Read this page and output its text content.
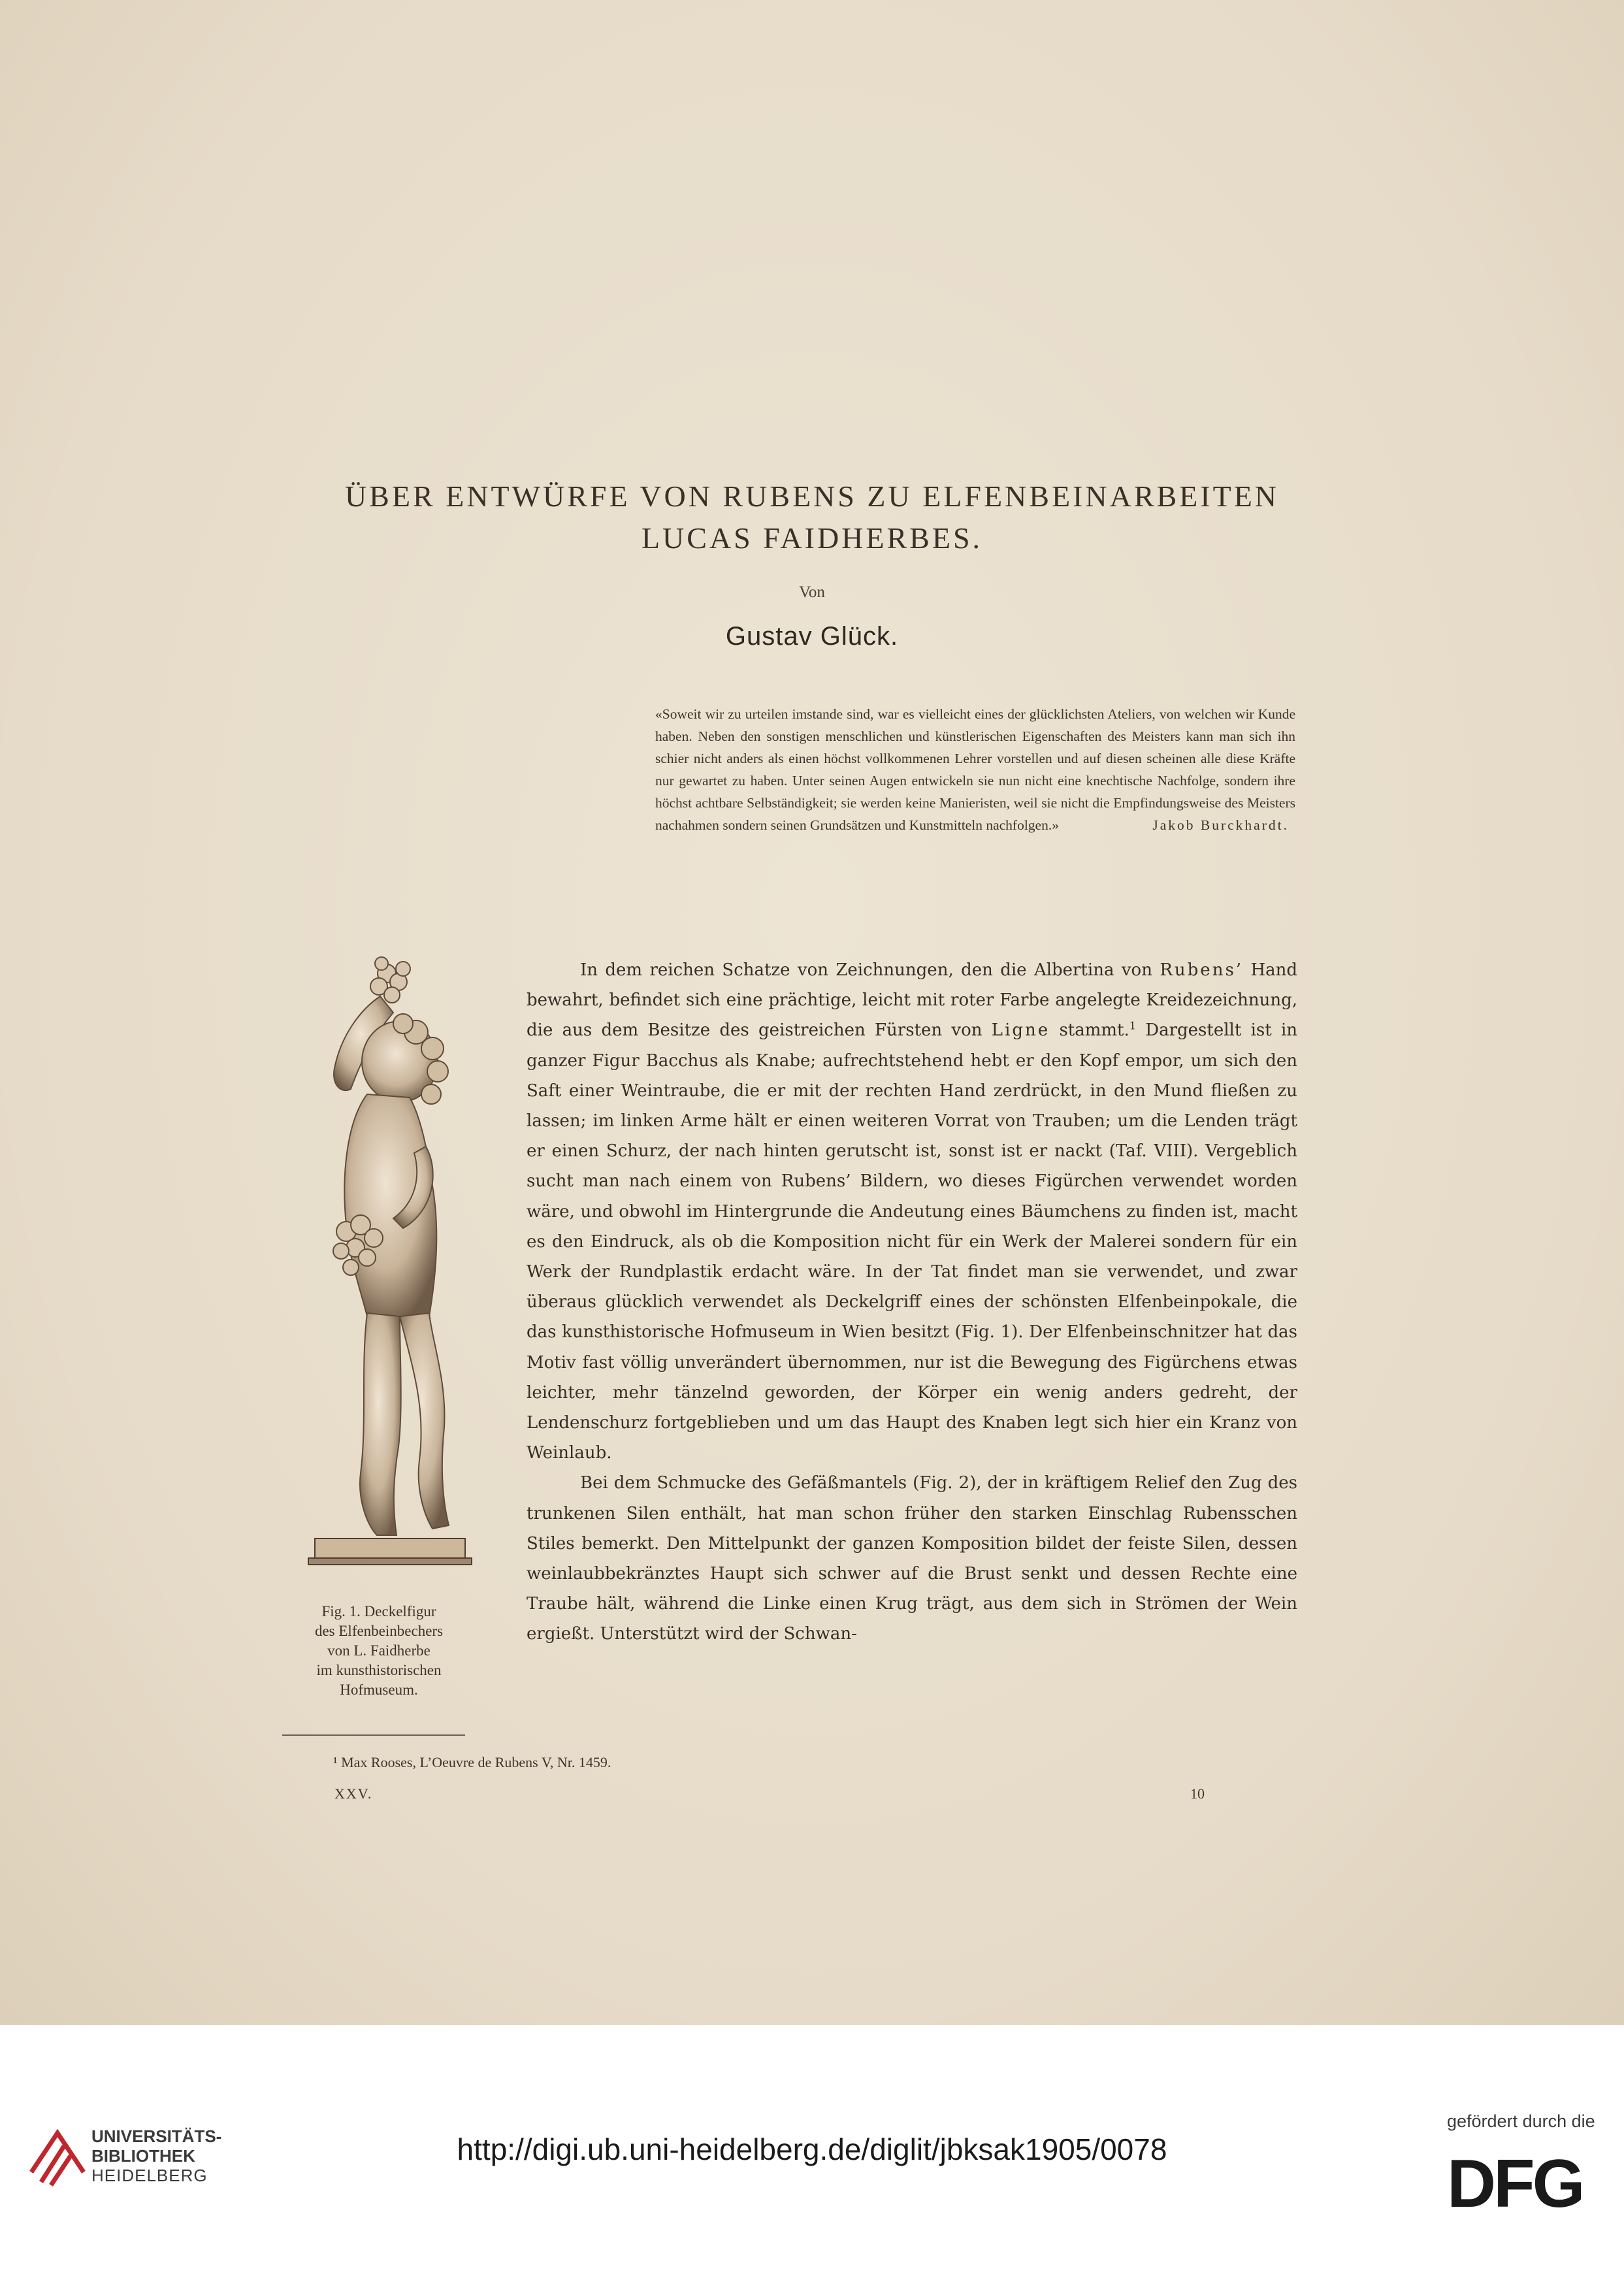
ÜBER ENTWÜRFE VON RUBENS ZU ELFENBEINARBEITEN
LUCAS FAIDHERBES.
Von
Gustav Glück.
«Soweit wir zu urteilen imstande sind, war es vielleicht eines der glücklichsten Ateliers, von welchen wir Kunde haben. Neben den sonstigen menschlichen und künstlerischen Eigenschaften des Meisters kann man sich ihn schier nicht anders als einen höchst vollkommenen Lehrer vorstellen und auf diesen scheinen alle diese Kräfte nur gewartet zu haben. Unter seinen Augen entwickeln sie nun nicht eine knechtische Nachfolge, sondern ihre höchst achtbare Selbständigkeit; sie werden keine Manieristen, weil sie nicht die Empfindungsweise des Meisters nachahmen sondern seinen Grundsätzen und Kunstmitteln nachfolgen.»	Jakob Burckhardt.
Fig. 1. Deckelfigur
des Elfenbeinbechers
von L. Faidherbe
im kunsthistorischen
Hofmuseum.

In dem reichen Schatze von Zeichnungen, den die Albertina von Rubens’ Hand bewahrt, befindet sich eine prächtige, leicht mit roter Farbe angelegte Kreidezeichnung, die aus dem Besitze des geistreichen Fürsten von Ligne stammt.$^1$ Dargestellt ist in ganzer Figur Bacchus als Knabe; aufrechtstehend hebt er den Kopf empor, um sich den Saft einer Weintraube, die er mit der rechten Hand zerdrückt, in den Mund fließen zu lassen; im linken Arme hält er einen weiteren Vorrat von Trauben; um die Lenden trägt er einen Schurz, der nach hinten gerutscht ist, sonst ist er nackt (Taf. VIII). Vergeblich sucht man nach einem von Rubens’ Bildern, wo dieses Figürchen verwendet worden wäre, und obwohl im Hintergrunde die Andeutung eines Bäumchens zu finden ist, macht es den Eindruck, als ob die Komposition nicht für ein Werk der Malerei sondern für ein Werk der Rundplastik erdacht wäre. In der Tat findet man sie verwendet, und zwar überaus glücklich verwendet als Deckelgriff eines der schönsten Elfenbeinpokale, die das kunsthistorische Hofmuseum in Wien besitzt (Fig. 1). Der Elfenbeinschnitzer hat das Motiv fast völlig unverändert übernommen, nur ist die Bewegung des Figürchens etwas leichter, mehr tänzelnd geworden, der Körper ein wenig anders gedreht, der Lendenschurz fortgeblieben und um das Haupt des Knaben legt sich hier ein Kranz von Weinlaub.

Bei dem Schmucke des Gefäßmantels (Fig. 2), der in kräftigem Relief den Zug des trunkenen Silen enthält, hat man schon früher den starken Einschlag Rubensschen Stiles bemerkt. Den Mittelpunkt der ganzen Komposition bildet der feiste Silen, dessen weinlaubbekränztes Haupt sich schwer auf die Brust senkt und dessen Rechte eine Traube hält, während die Linke einen Krug trägt, aus dem sich in Strömen der Wein ergießt. Unterstützt wird der Schwan-

¹ Max Rooses, L’Oeuvre de Rubens V, Nr. 1459.
XXV.	10
UNIVERSITÄTS-
BIBLIOTHEK
HEIDELBERG
http://digi.ub.uni-heidelberg.de/diglit/jbksak1905/0078
gefördert durch die
DFG
